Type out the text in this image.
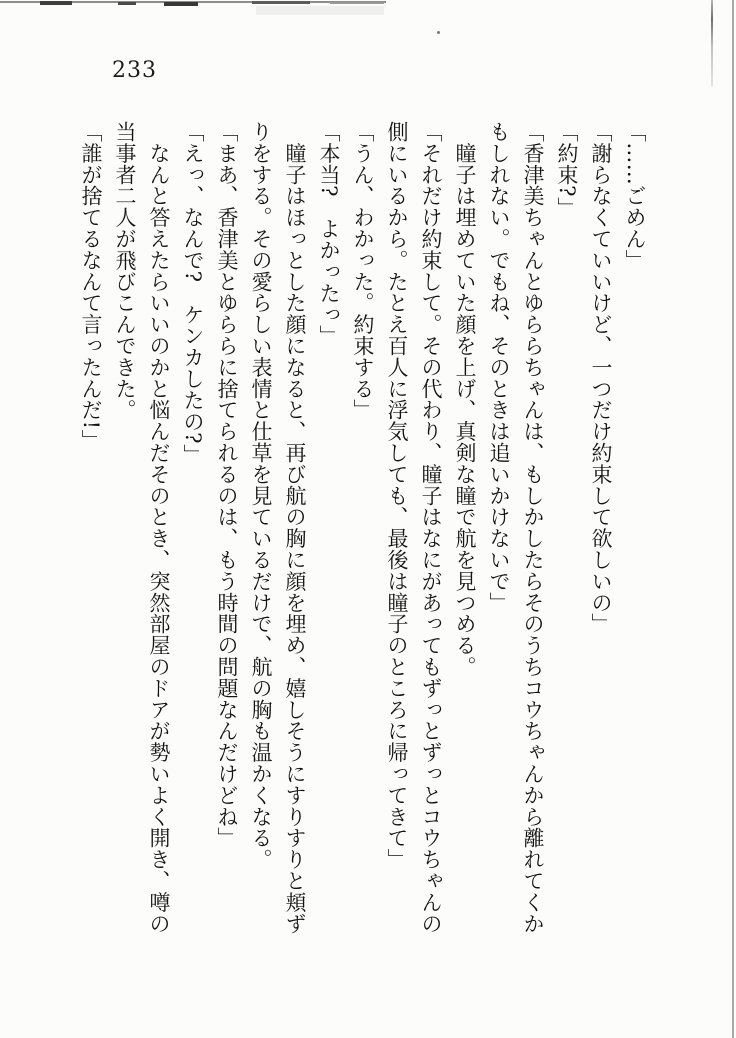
233

「……ごめん」

「謝らなくていいけど、一つだけ約束して欲しいの」

「約束?」

「香津美ちゃんとゆららちゃんは、もしかしたらそのうちコウちゃんから離れてくか

もしれない。でもね、そのときは追いかけないで」

　瞳子は埋めていた顔を上げ、真剣な瞳で航を見つめる。

「それだけ約束して。その代わり、瞳子はなにがあってもずっとずっとコウちゃんの

側にいるから。たとえ百人に浮気しても、最後は瞳子のところに帰ってきて」

「うん、わかった。約束する」

「本当?　よかったっ」

　瞳子はほっとした顔になると、再び航の胸に顔を埋め、嬉しそうにすりすりと頬ず

りをする。その愛らしい表情と仕草を見ているだけで、航の胸も温かくなる。

「まあ、香津美とゆららに捨てられるのは、もう時間の問題なんだけどね」

「えっ、なんで?　ケンカしたの?」

　なんと答えたらいいのかと悩んだそのとき、突然部屋のドアが勢いよく開き、噂の

当事者二人が飛びこんできた。

「誰が捨てるなんて言ったんだ!」
